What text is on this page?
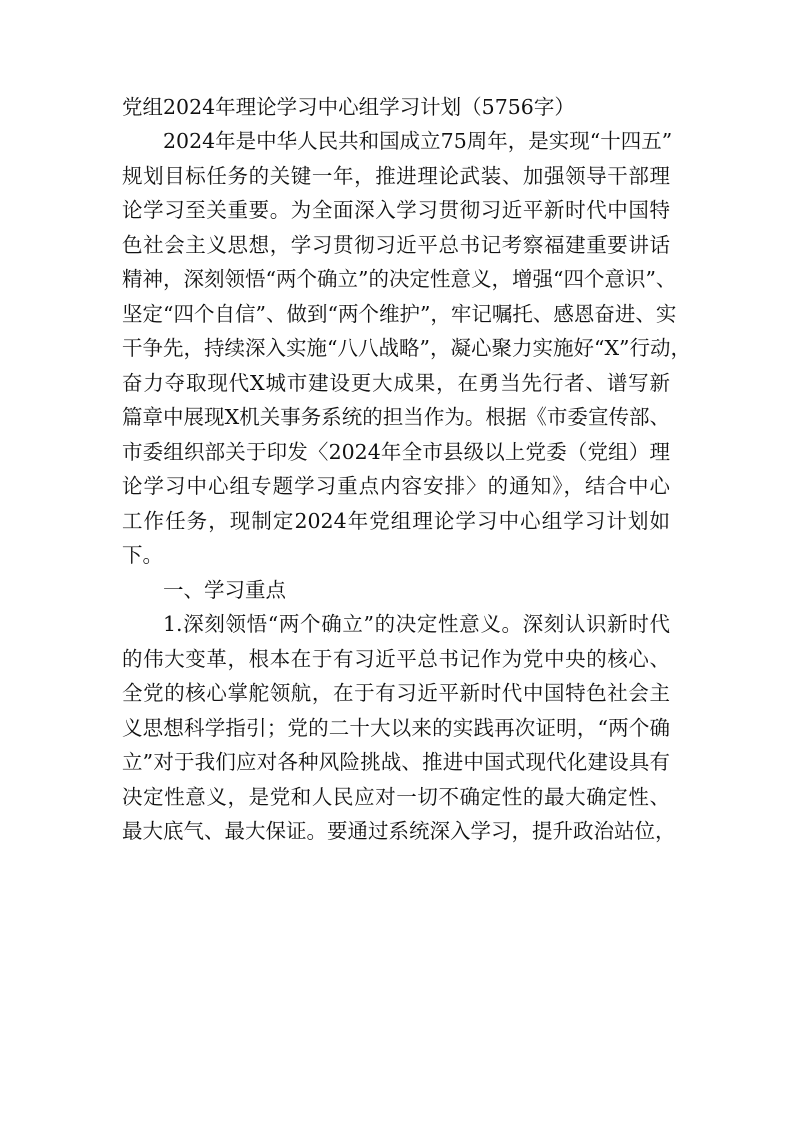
党组2024年理论学习中心组学习计划（5756字）
2024年是中华人民共和国成立75周年，是实现“十四五”
规划目标任务的关键一年，推进理论武装、加强领导干部理
论学习至关重要。为全面深入学习贯彻习近平新时代中国特
色社会主义思想，学习贯彻习近平总书记考察福建重要讲话
精神，深刻领悟“两个确立”的决定性意义，增强“四个意识”、
坚定“四个自信”、做到“两个维护”，牢记嘱托、感恩奋进、实
干争先，持续深入实施“八八战略”，凝心聚力实施好“X”行动，
奋力夺取现代X城市建设更大成果，在勇当先行者、谱写新
篇章中展现X机关事务系统的担当作为。根据《市委宣传部、
市委组织部关于印发〈2024年全市县级以上党委（党组）理
论学习中心组专题学习重点内容安排〉的通知》，结合中心
工作任务，现制定2024年党组理论学习中心组学习计划如
下。
一、学习重点
1.深刻领悟“两个确立”的决定性意义。深刻认识新时代
的伟大变革，根本在于有习近平总书记作为党中央的核心、
全党的核心掌舵领航，在于有习近平新时代中国特色社会主
义思想科学指引；党的二十大以来的实践再次证明，“两个确
立”对于我们应对各种风险挑战、推进中国式现代化建设具有
决定性意义，是党和人民应对一切不确定性的最大确定性、
最大底气、最大保证。要通过系统深入学习，提升政治站位，
